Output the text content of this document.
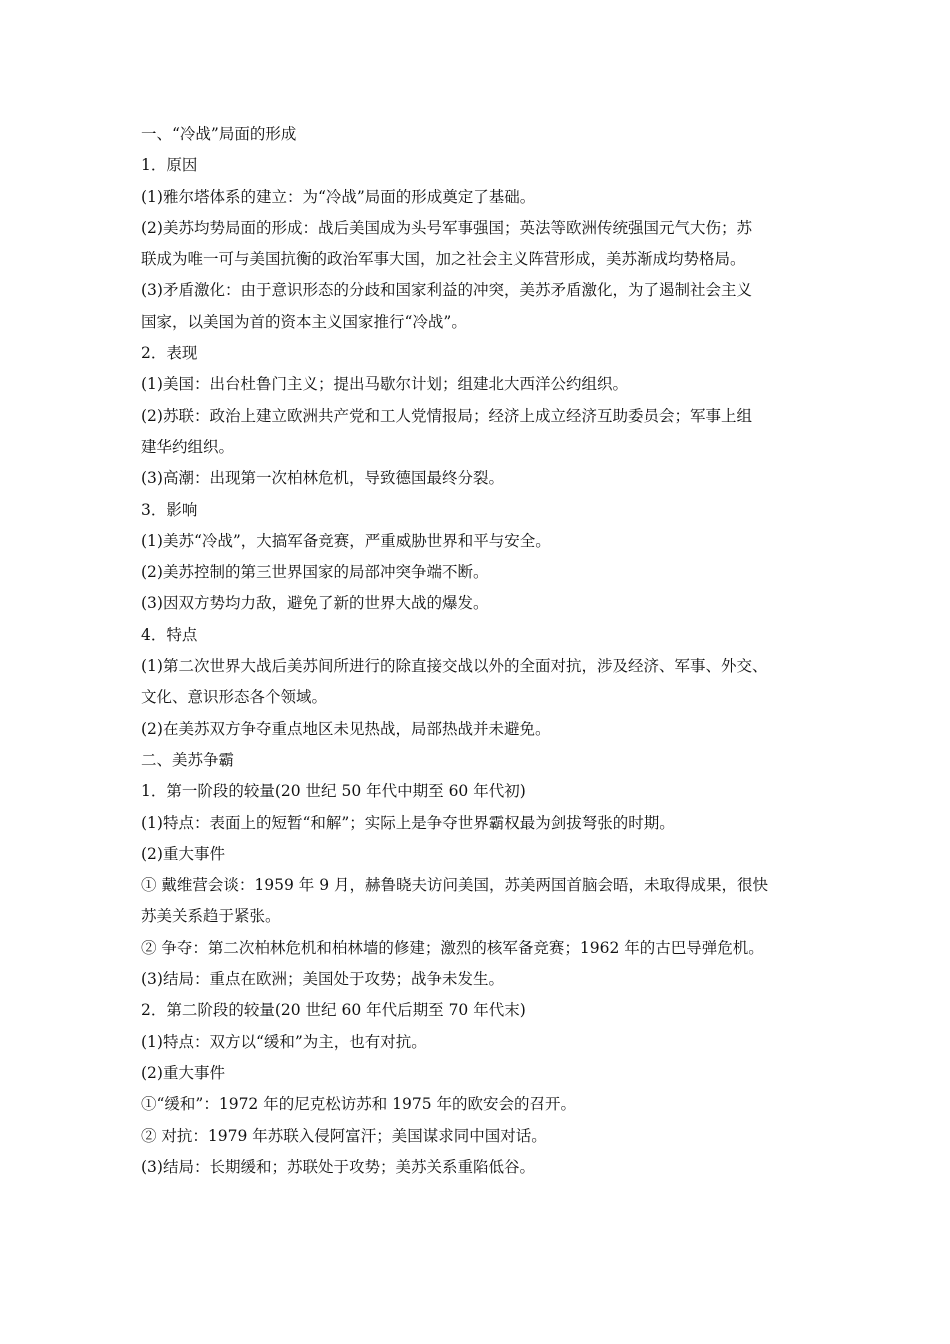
一、“冷战”局面的形成
1．原因
(1)雅尔塔体系的建立：为“冷战”局面的形成奠定了基础。
(2)美苏均势局面的形成：战后美国成为头号军事强国；英法等欧洲传统强国元气大伤；苏
联成为唯一可与美国抗衡的政治军事大国，加之社会主义阵营形成，美苏渐成均势格局。
(3)矛盾激化：由于意识形态的分歧和国家利益的冲突，美苏矛盾激化，为了遏制社会主义
国家，以美国为首的资本主义国家推行“冷战”。
2．表现
(1)美国：出台杜鲁门主义；提出马歇尔计划；组建北大西洋公约组织。
(2)苏联：政治上建立欧洲共产党和工人党情报局；经济上成立经济互助委员会；军事上组
建华约组织。
(3)高潮：出现第一次柏林危机，导致德国最终分裂。
3．影响
(1)美苏“冷战”，大搞军备竞赛，严重威胁世界和平与安全。
(2)美苏控制的第三世界国家的局部冲突争端不断。
(3)因双方势均力敌，避免了新的世界大战的爆发。
4．特点
(1)第二次世界大战后美苏间所进行的除直接交战以外的全面对抗，涉及经济、军事、外交、
文化、意识形态各个领域。
(2)在美苏双方争夺重点地区未见热战，局部热战并未避免。
二、美苏争霸
1．第一阶段的较量(20 世纪 50 年代中期至 60 年代初)
(1)特点：表面上的短暂“和解”；实际上是争夺世界霸权最为剑拔弩张的时期。
(2)重大事件
① 戴维营会谈：1959 年 9 月，赫鲁晓夫访问美国，苏美两国首脑会晤，未取得成果，很快
苏美关系趋于紧张。
② 争夺：第二次柏林危机和柏林墙的修建；激烈的核军备竞赛；1962 年的古巴导弹危机。
(3)结局：重点在欧洲；美国处于攻势；战争未发生。
2．第二阶段的较量(20 世纪 60 年代后期至 70 年代末)
(1)特点：双方以“缓和”为主，也有对抗。
(2)重大事件
①“缓和”：1972 年的尼克松访苏和 1975 年的欧安会的召开。
② 对抗：1979 年苏联入侵阿富汗；美国谋求同中国对话。
(3)结局：长期缓和；苏联处于攻势；美苏关系重陷低谷。
